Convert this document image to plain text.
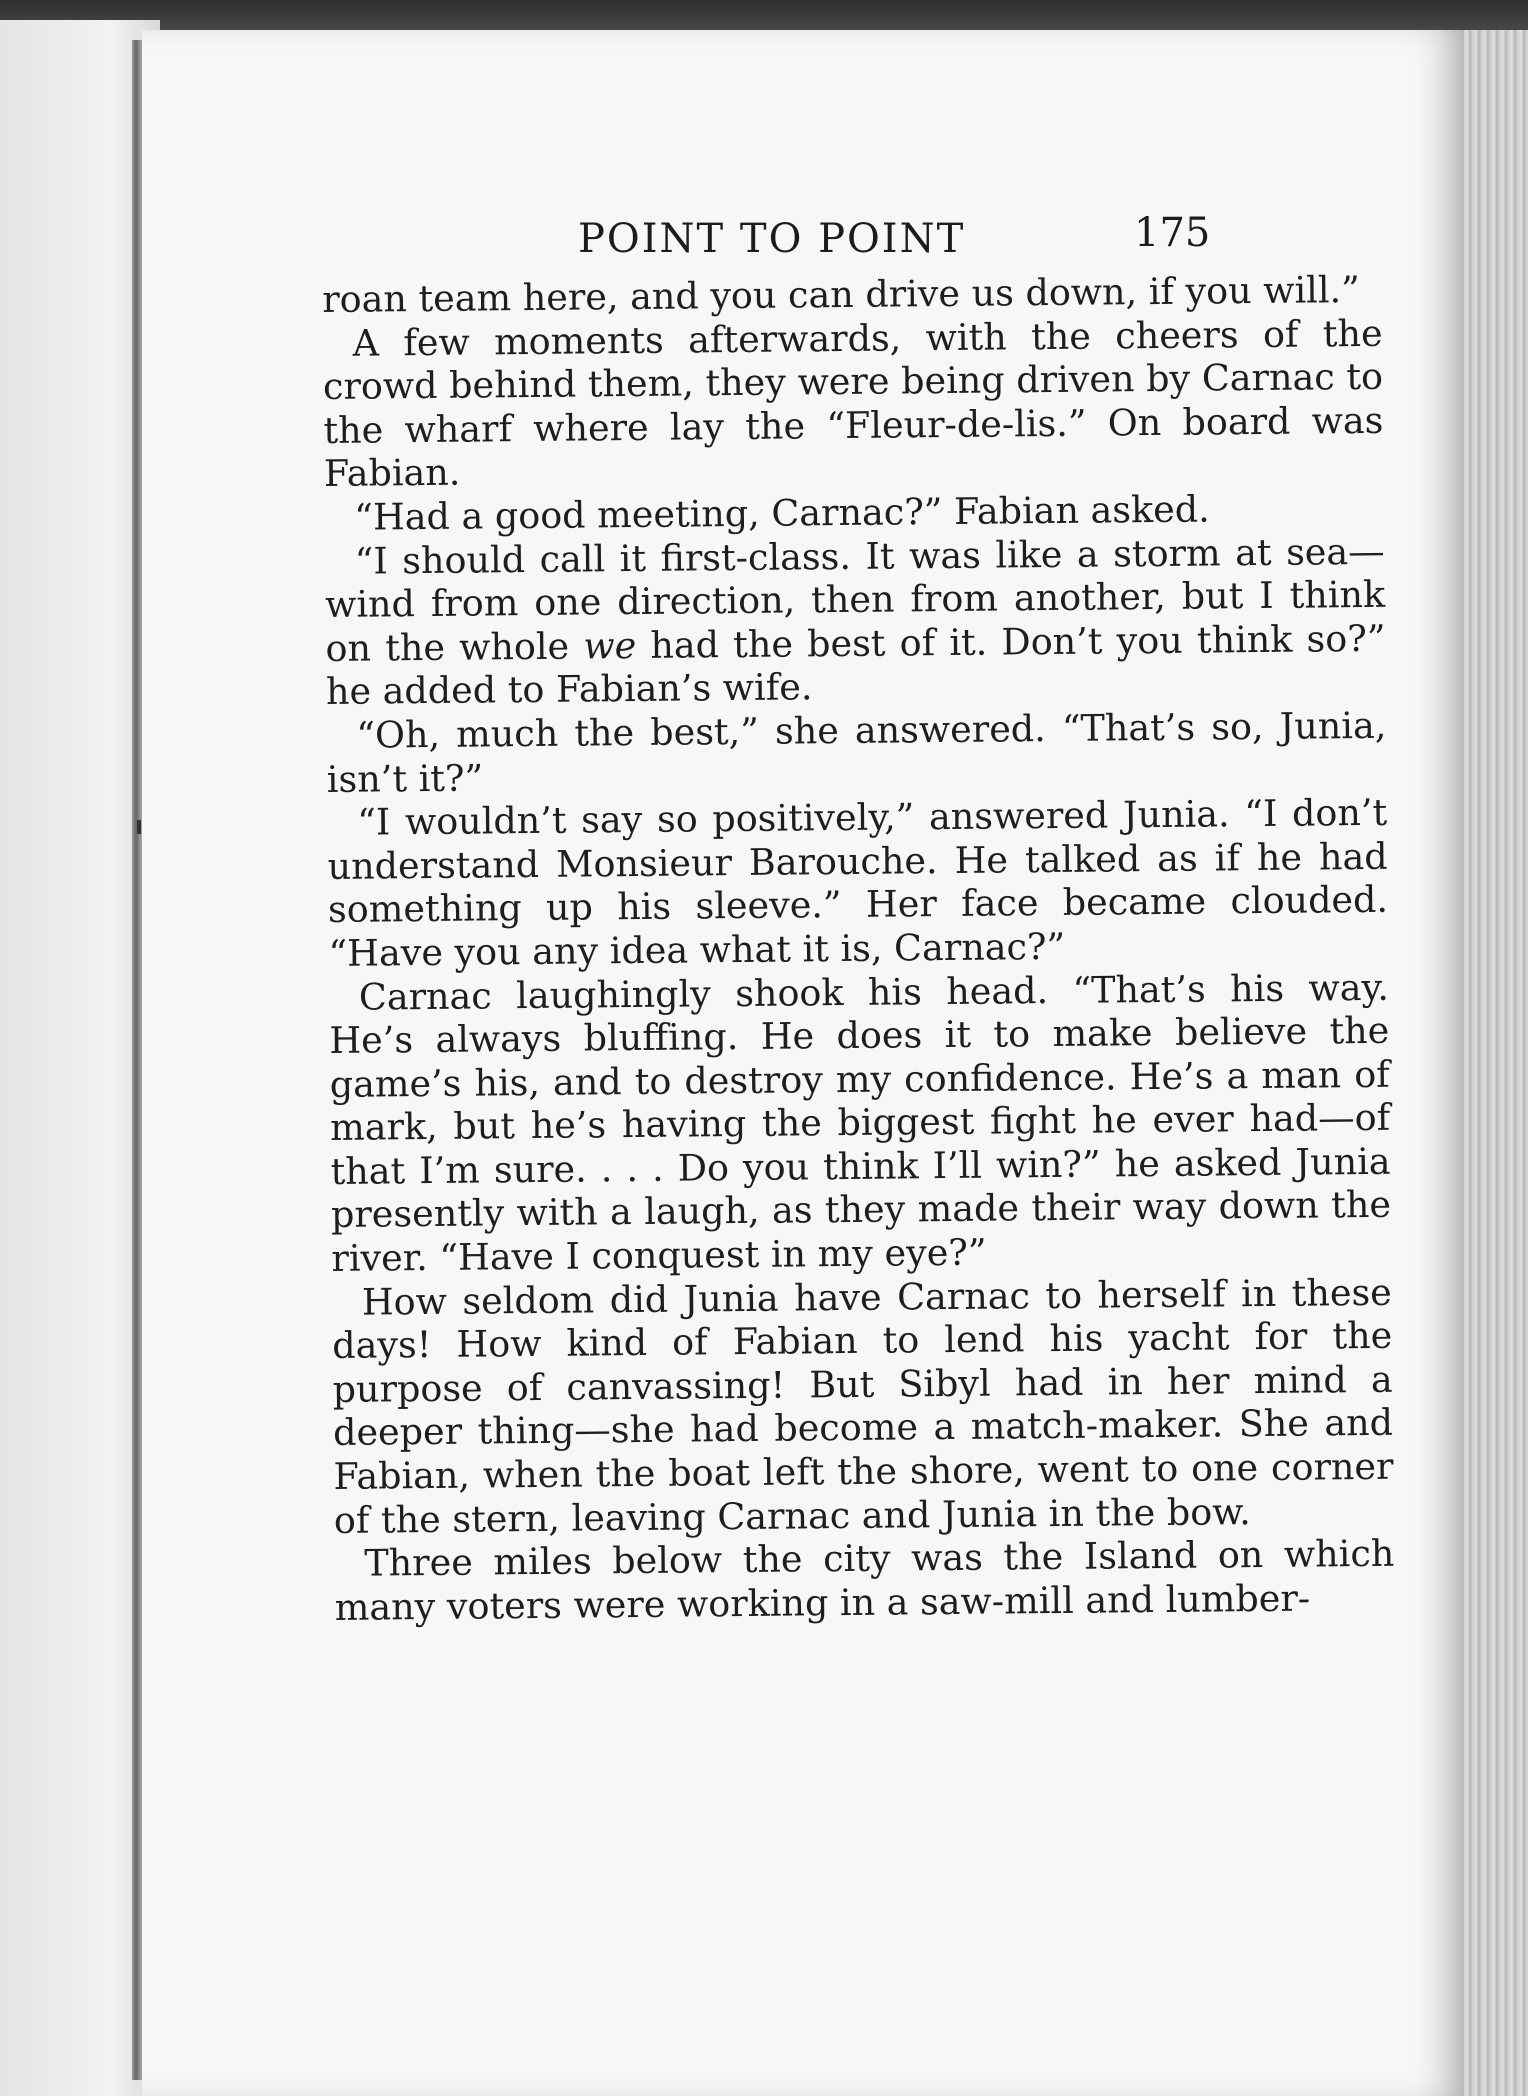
POINT TO POINT	175

roan team here, and you can drive us down, if you will.”

A few moments afterwards, with the cheers of the crowd behind them, they were being driven by Carnac to the wharf where lay the “Fleur-de-lis.” On board was Fabian.

“Had a good meeting, Carnac?” Fabian asked.

“I should call it first-class. It was like a storm at sea—wind from one direction, then from another, but I think on the whole we had the best of it. Don’t you think so?” he added to Fabian’s wife.

“Oh, much the best,” she answered. “That’s so, Junia, isn’t it?”

“I wouldn’t say so positively,” answered Junia. “I don’t understand Monsieur Barouche. He talked as if he had something up his sleeve.” Her face became clouded. “Have you any idea what it is, Carnac?”

Carnac laughingly shook his head. “That’s his way. He’s always bluffing. He does it to make believe the game’s his, and to destroy my confidence. He’s a man of mark, but he’s having the biggest fight he ever had—of that I’m sure. . . . Do you think I’ll win?” he asked Junia presently with a laugh, as they made their way down the river. “Have I conquest in my eye?”

How seldom did Junia have Carnac to herself in these days! How kind of Fabian to lend his yacht for the purpose of canvassing! But Sibyl had in her mind a deeper thing—she had become a match-maker. She and Fabian, when the boat left the shore, went to one corner of the stern, leaving Carnac and Junia in the bow.

Three miles below the city was the Island on which many voters were working in a saw-mill and lumber-
